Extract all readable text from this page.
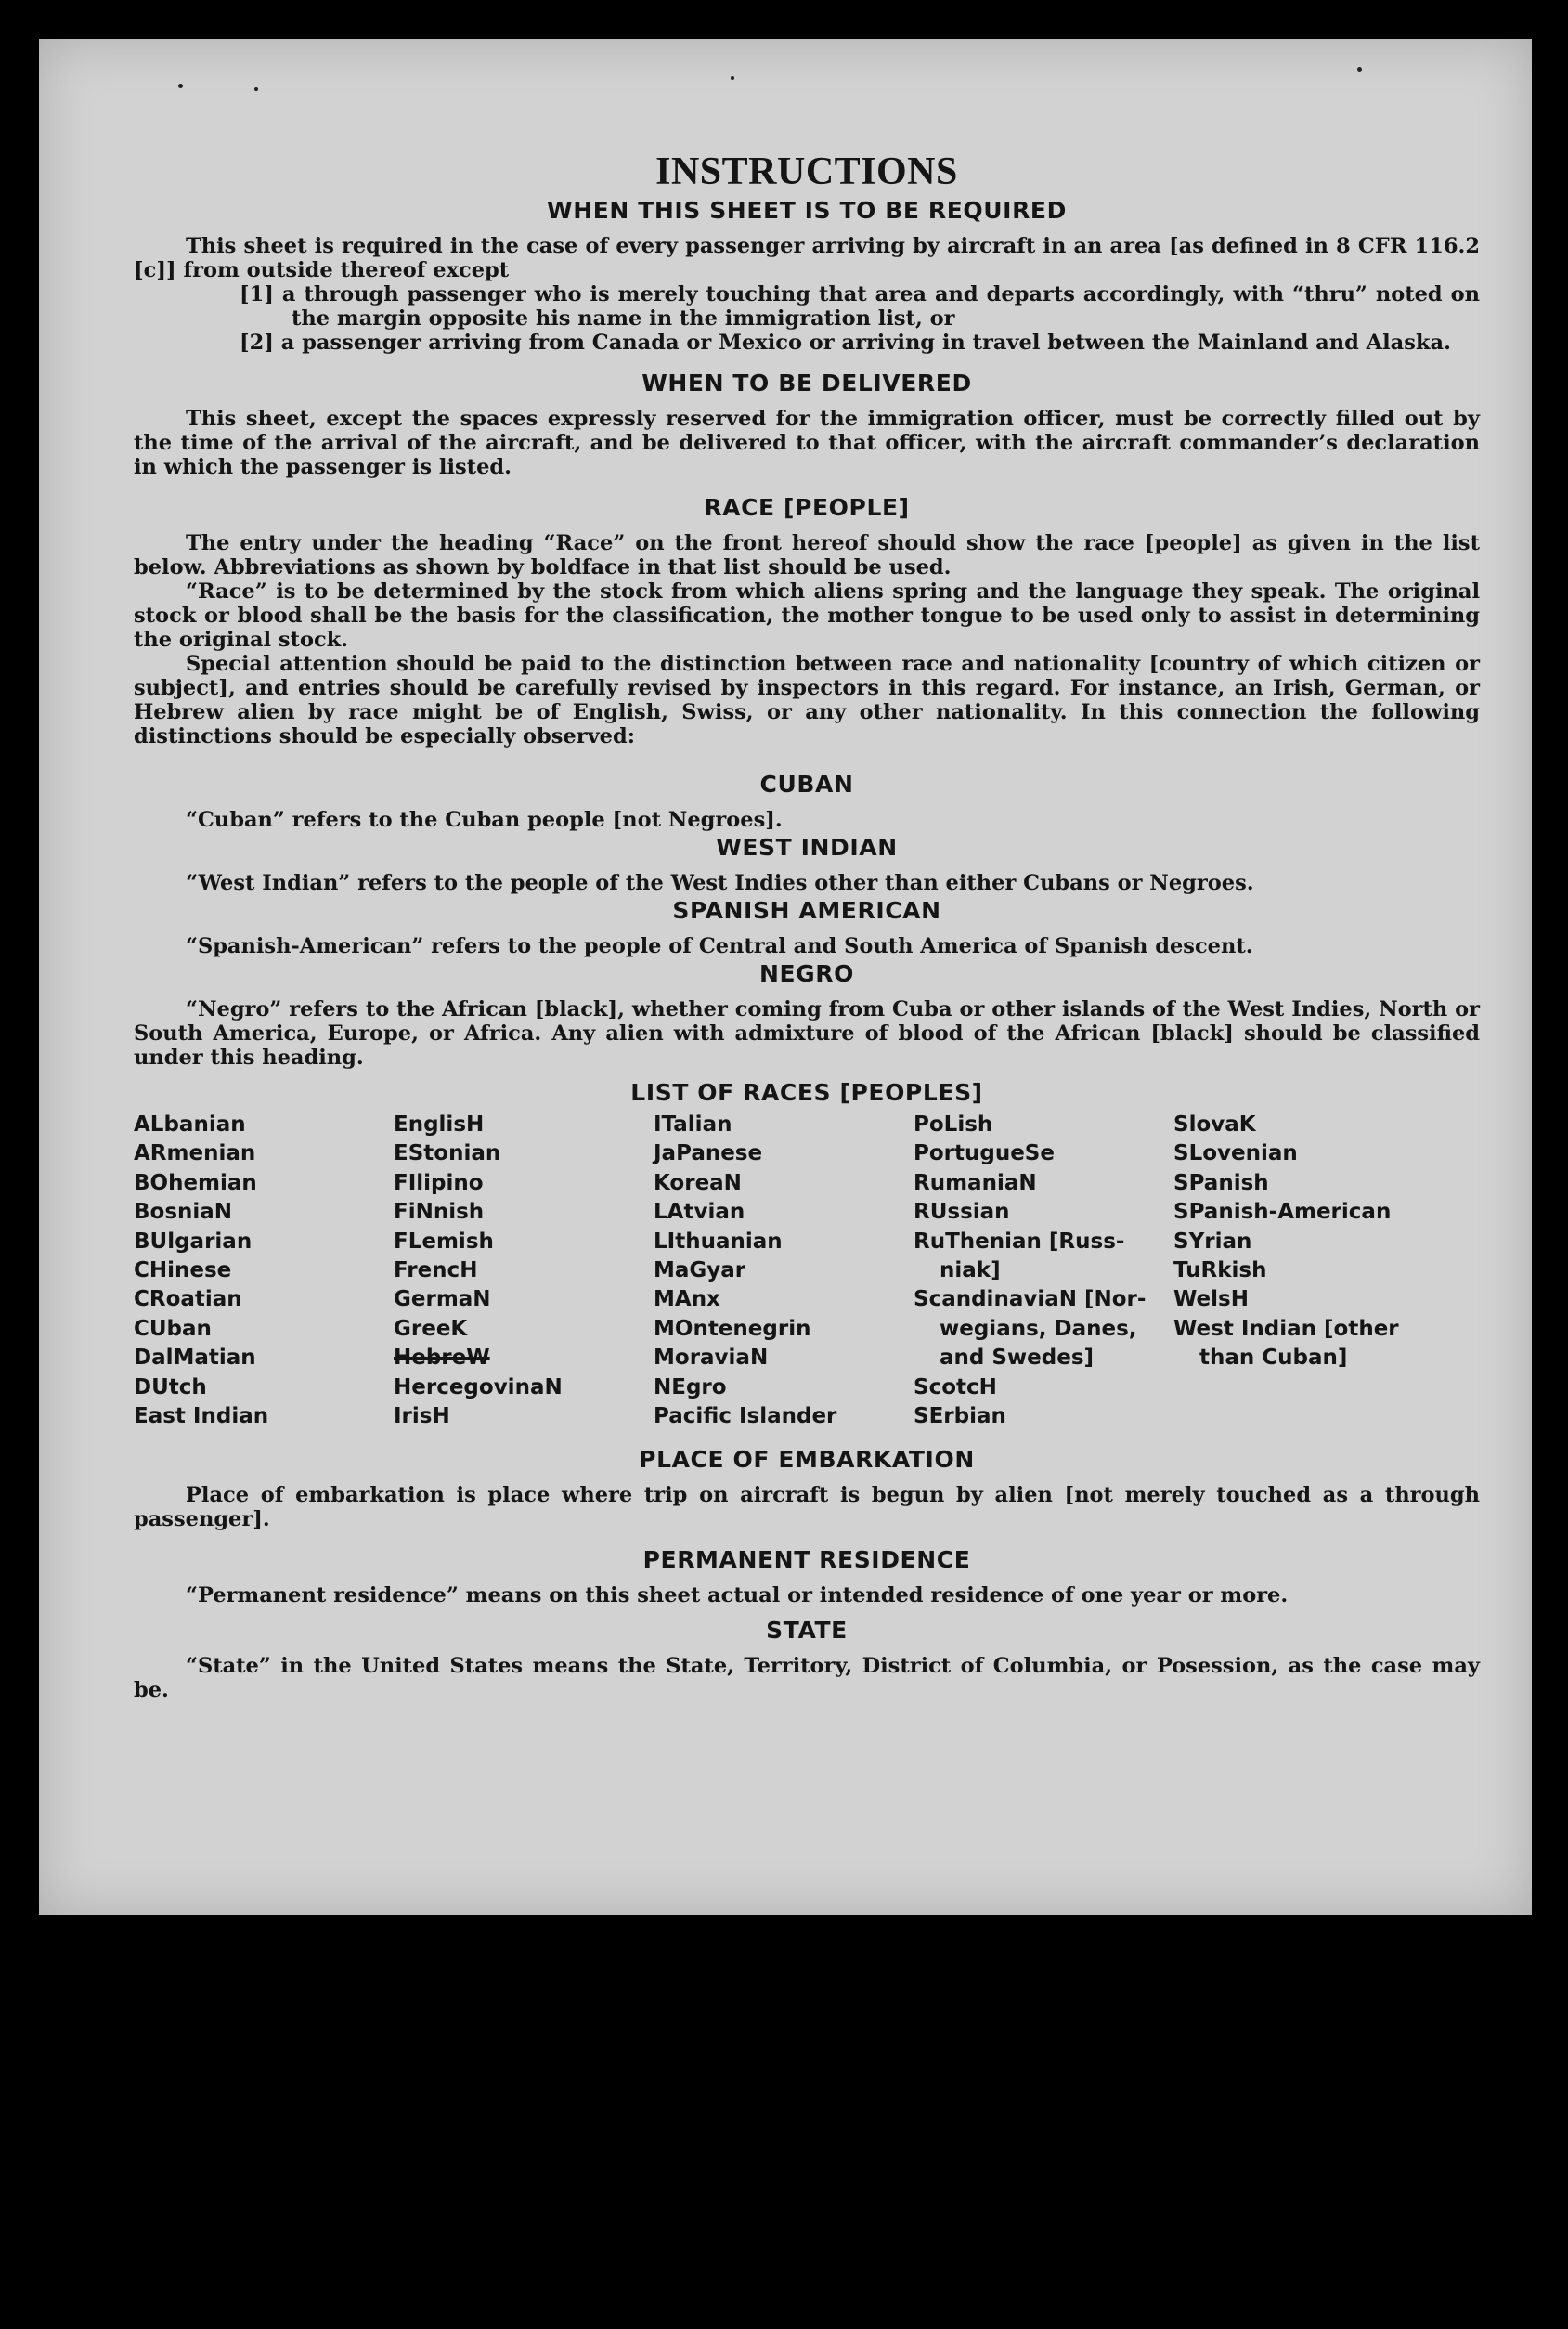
INSTRUCTIONS
WHEN THIS SHEET IS TO BE REQUIRED

This sheet is required in the case of every passenger arriving by aircraft in an area [as defined in 8 CFR 116.2 [c]] from outside thereof except

[1] a through passenger who is merely touching that area and departs accordingly, with “thru” noted on the margin opposite his name in the immigration list, or

[2] a passenger arriving from Canada or Mexico or arriving in travel between the Mainland and Alaska.

WHEN TO BE DELIVERED

This sheet, except the spaces expressly reserved for the immigration officer, must be correctly filled out by the time of the arrival of the aircraft, and be delivered to that officer, with the aircraft commander’s declaration in which the passenger is listed.

RACE [PEOPLE]

The entry under the heading “Race” on the front hereof should show the race [people] as given in the list below. Abbreviations as shown by boldface in that list should be used.

“Race” is to be determined by the stock from which aliens spring and the language they speak. The original stock or blood shall be the basis for the classification, the mother tongue to be used only to assist in determining the original stock.

Special attention should be paid to the distinction between race and nationality [country of which citizen or subject], and entries should be carefully revised by inspectors in this regard. For instance, an Irish, German, or Hebrew alien by race might be of English, Swiss, or any other nationality. In this connection the following distinctions should be especially observed:

CUBAN

“Cuban” refers to the Cuban people [not Negroes].

WEST INDIAN

“West Indian” refers to the people of the West Indies other than either Cubans or Negroes.

SPANISH AMERICAN

“Spanish-American” refers to the people of Central and South America of Spanish descent.

NEGRO

“Negro” refers to the African [black], whether coming from Cuba or other islands of the West Indies, North or South America, Europe, or Africa. Any alien with admixture of blood of the African [black] should be classified under this heading.

LIST OF RACES [PEOPLES]
ALbanian
ARmenian
BOhemian
BosniaN
BUlgarian
CHinese
CRoatian
CUban
DalMatian
DUtch
East Indian
EnglisH
EStonian
FIlipino
FiNnish
FLemish
FrencH
GermaN
GreeK
HebreW
HercegovinaN
IrisH
ITalian
JaPanese
KoreaN
LAtvian
LIthuanian
MaGyar
MAnx
MOntenegrin
MoraviaN
NEgro
Pacific Islander
PoLish
PortugueSe
RumaniaN
RUssian
RuThenian [Russ-
niak]
ScandinaviaN [Nor-
wegians, Danes,
and Swedes]
ScotcH
SErbian
SlovaK
SLovenian
SPanish
SPanish-American
SYrian
TuRkish
WelsH
West Indian [other
than Cuban]
PLACE OF EMBARKATION

Place of embarkation is place where trip on aircraft is begun by alien [not merely touched as a through passenger].

PERMANENT RESIDENCE

“Permanent residence” means on this sheet actual or intended residence of one year or more.

STATE

“State” in the United States means the State, Territory, District of Columbia, or Posession, as the case may be.
